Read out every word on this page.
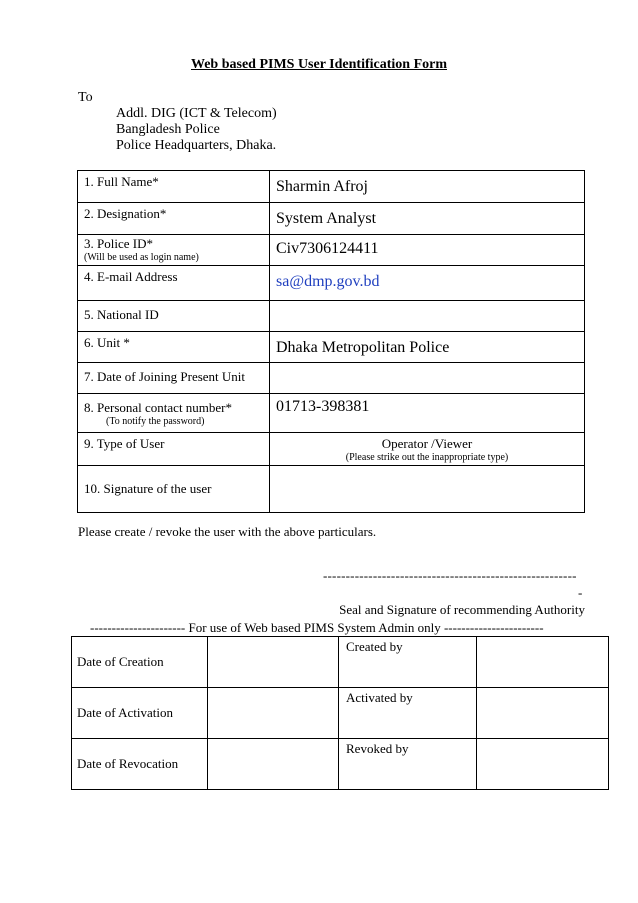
Web based PIMS User Identification Form
To
Addl. DIG (ICT & Telecom)
Bangladesh Police
Police Headquarters, Dhaka.
1. Full Name*	Sharmin Afroj
2. Designation*	System Analyst

3. Police ID*
(Will be used as login name)	Civ7306124411
4. E-mail Address	sa@dmp.gov.bd
5. National ID	
6. Unit *	Dhaka Metropolitan Police
7. Date of Joining Present Unit	

8. Personal contact number*
(To notify the password)	01713-398381
9. Type of User	Operator /Viewer
(Please strike out the inappropriate type)

10. Signature of the user	
Please create / revoke the user with the above particulars.
--------------------------------------------------------
-
Seal and Signature of recommending Authority
---------------------- For use of Web based PIMS System Admin only -----------------------
Date of Creation		Created by	
Date of Activation		Activated by	
Date of Revocation		Revoked by	
